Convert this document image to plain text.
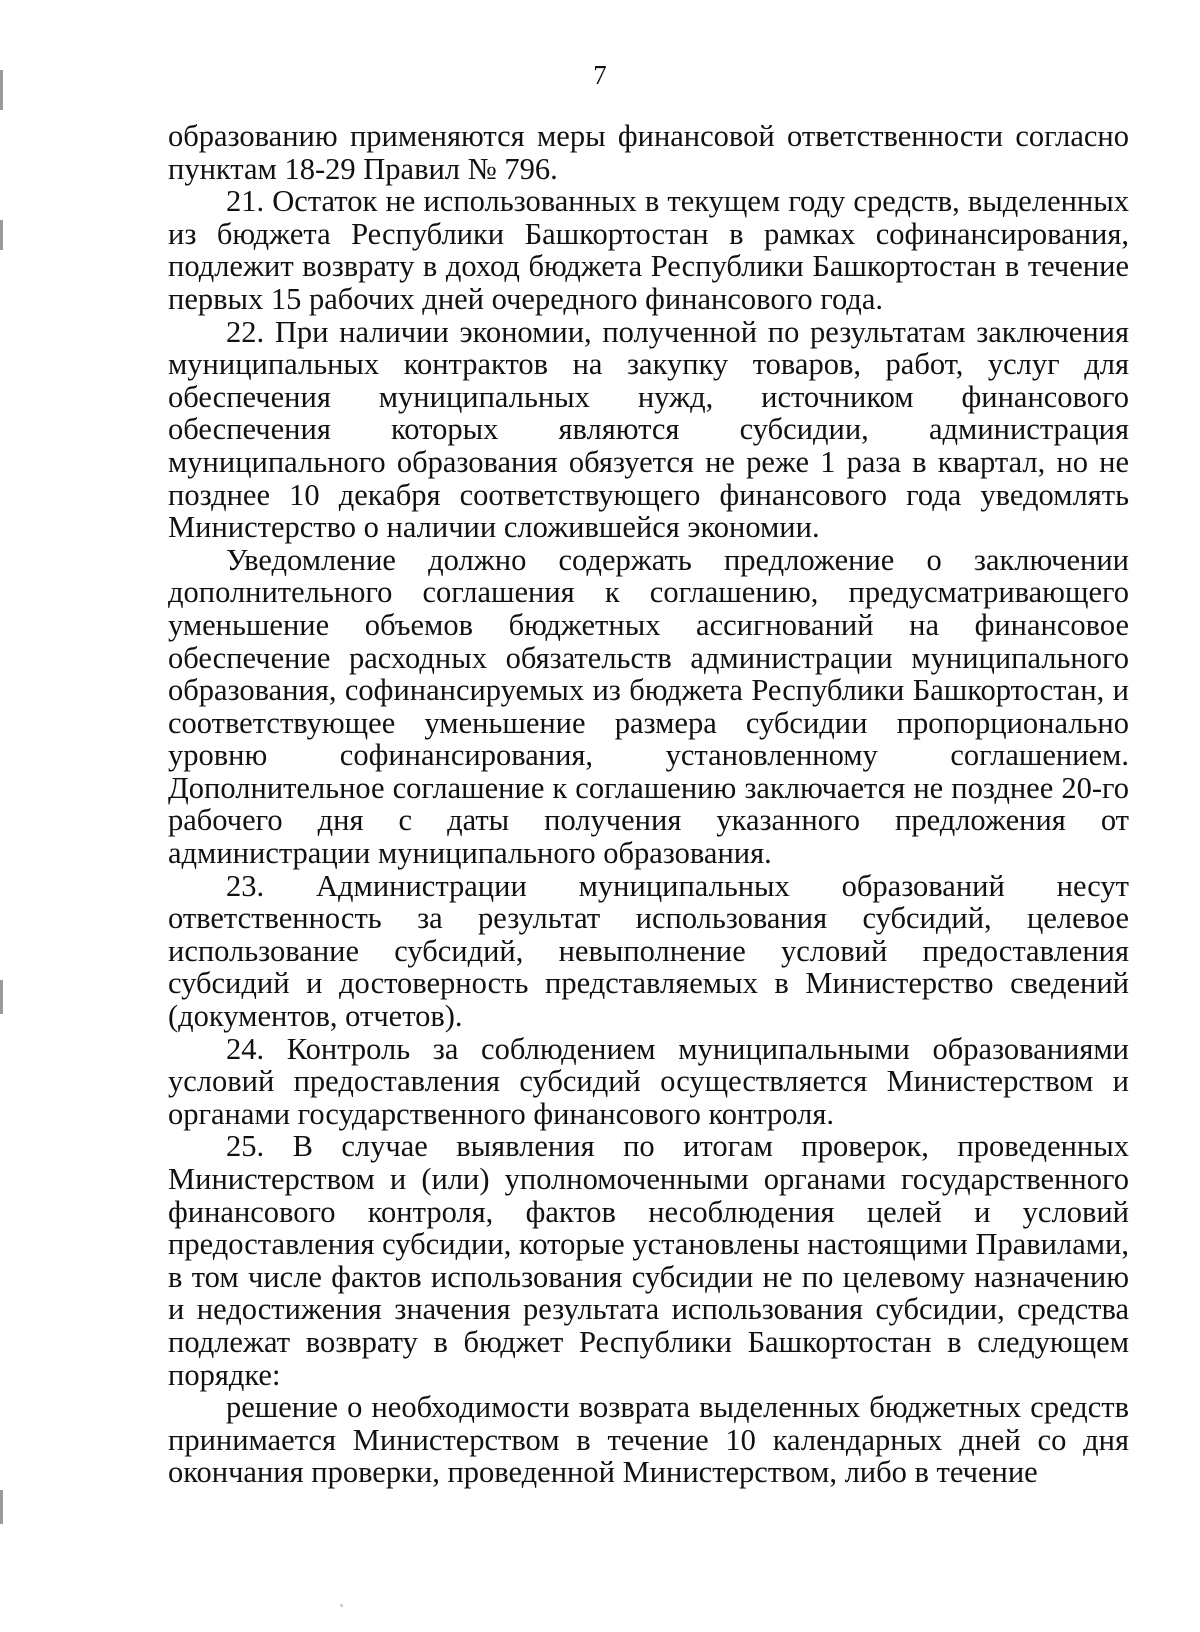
7

образованию применяются меры финансовой ответственности согласно пунктам 18-29 Правил № 796.

21. Остаток не использованных в текущем году средств, выделенных из бюджета Республики Башкортостан в рамках софинансирования, подлежит возврату в доход бюджета Республики Башкортостан в течение первых 15 рабочих дней очередного финансового года.

22. При наличии экономии, полученной по результатам заключения муниципальных контрактов на закупку товаров, работ, услуг для обеспечения муниципальных нужд, источником финансового обеспечения которых являются субсидии, администрация муниципального образования обязуется не реже 1 раза в квартал, но не позднее 10 декабря соответствующего финансового года уведомлять Министерство о наличии сложившейся экономии.

Уведомление должно содержать предложение о заключении дополнительного соглашения к соглашению, предусматривающего уменьшение объемов бюджетных ассигнований на финансовое обеспечение расходных обязательств администрации муниципального образования, софинансируемых из бюджета Республики Башкортостан, и соответствующее уменьшение размера субсидии пропорционально уровню софинансирования, установленному соглашением. Дополнительное соглашение к соглашению заключается не позднее 20-го рабочего дня с даты получения указанного предложения от администрации муниципального образования.

23. Администрации муниципальных образований несут ответственность за результат использования субсидий, целевое использование субсидий, невыполнение условий предоставления субсидий и достоверность представляемых в Министерство сведений (документов, отчетов).

24. Контроль за соблюдением муниципальными образованиями условий предоставления субсидий осуществляется Министерством и органами государственного финансового контроля.

25. В случае выявления по итогам проверок, проведенных Министерством и (или) уполномоченными органами государственного финансового контроля, фактов несоблюдения целей и условий предоставления субсидии, которые установлены настоящими Правилами, в том числе фактов использования субсидии не по целевому назначению и недостижения значения результата использования субсидии, средства подлежат возврату в бюджет Республики Башкортостан в следующем порядке:

решение о необходимости возврата выделенных бюджетных средств принимается Министерством в течение 10 календарных дней со дня окончания проверки, проведенной Министерством, либо в течение
